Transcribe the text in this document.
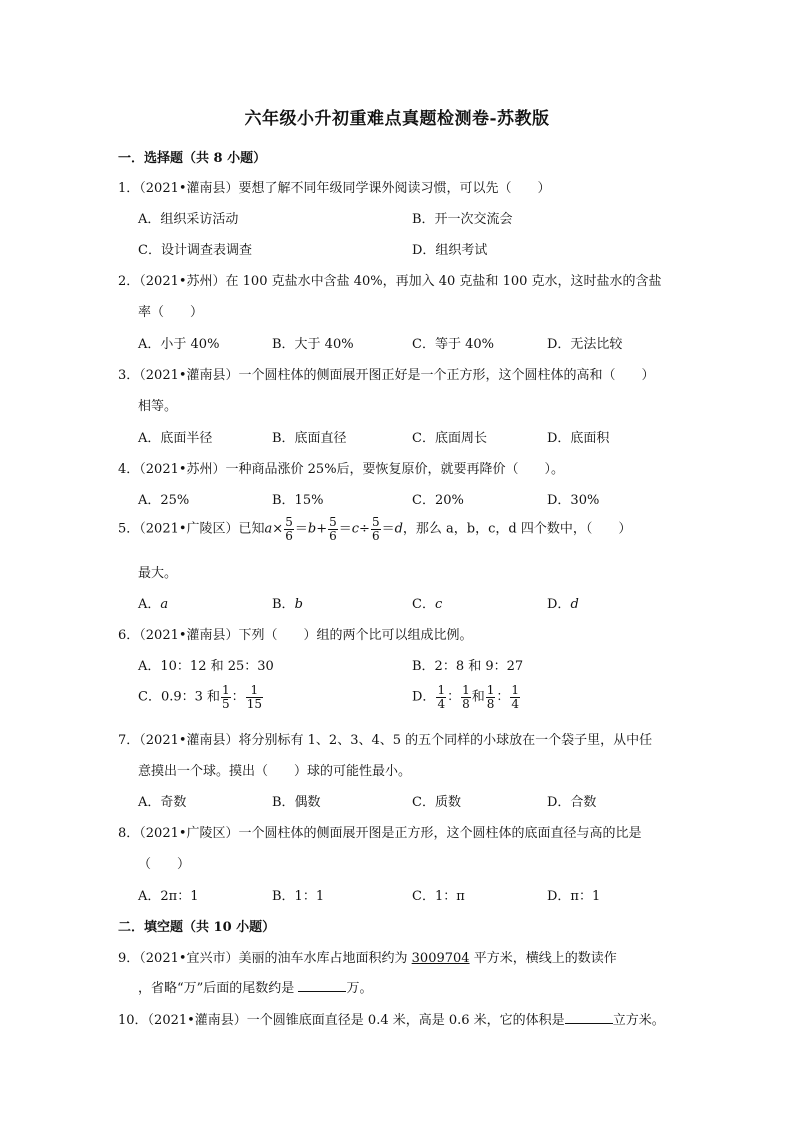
六年级小升初重难点真题检测卷-苏教版
一．选择题（共 8 小题）
1．（2021•灌南县）要想了解不同年级同学课外阅读习惯，可以先（　　）
A．组织采访活动	B．开一次交流会
C．设计调查表调查	D．组织考试
2．（2021•苏州）在 100 克盐水中含盐 40%，再加入 40 克盐和 100 克水，这时盐水的含盐
率（　　）
A．小于 40%	B．大于 40%	C．等于 40%	D．无法比较
3．（2021•灌南县）一个圆柱体的侧面展开图正好是一个正方形，这个圆柱体的高和（　　）
相等。
A．底面半径	B．底面直径	C．底面周长	D．底面积
4．（2021•苏州）一种商品涨价 25%后，要恢复原价，就要再降价（　　）。
A．25%	B．15%	C．20%	D．30%
5．（2021•广陵区）已知$a\times \frac{5}{6} =b+ \frac{5}{6} =c\div \frac{5}{6} =d$，那么 a，b，c，d 四个数中，（　　）
最大。
A．a	B．b	C．c	D．d
6．（2021•灌南县）下列（　　）组的两个比可以组成比例。
A．10：12 和 25：30	B．2：8 和 9：27
C．0.9：3 和 $\frac{1}{5}$ ： $\frac{1}{15}$	D． $\frac{1}{4}$ ： $\frac{1}{8}$ 和 $\frac{1}{8}$ ： $\frac{1}{4}$
7．（2021•灌南县）将分别标有 1、2、3、4、5 的五个同样的小球放在一个袋子里，从中任
意摸出一个球。摸出（　　）球的可能性最小。
A．奇数	B．偶数	C．质数	D．合数
8．（2021•广陵区）一个圆柱体的侧面展开图是正方形，这个圆柱体的底面直径与高的比是
（　　）
A．2π：1	B．1：1	C．1：π	D．π：1
二．填空题（共 10 小题）
9．（2021•宜兴市）美丽的油车水库占地面积约为 3009704 平方米，横线上的数读作
，省略“万”后面的尾数约是	万。
10．（2021•灌南县）一个圆锥底面直径是 0.4 米，高是 0.6 米，它的体积是	立方米。
